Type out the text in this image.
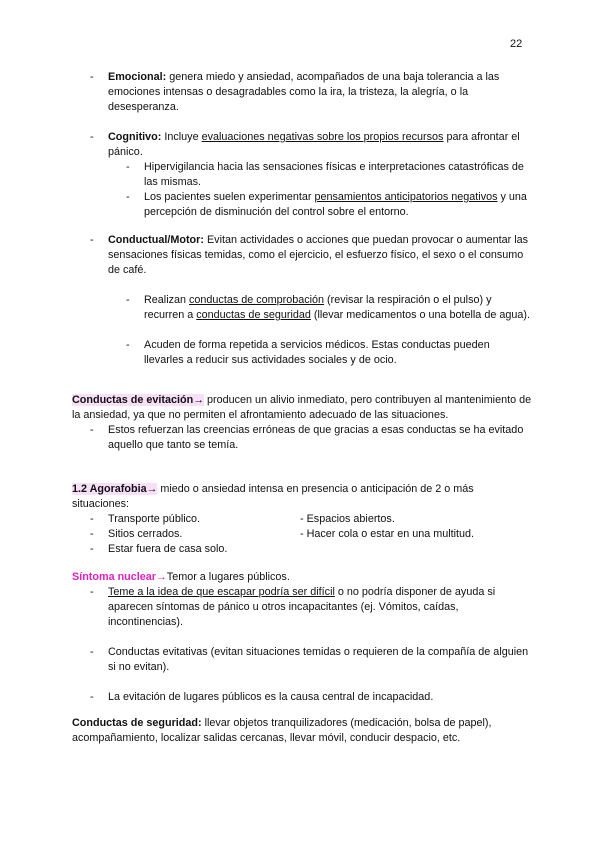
22
- Emocional: genera miedo y ansiedad, acompañados de una baja tolerancia a las emociones intensas o desagradables como la ira, la tristeza, la alegría, o la desesperanza.
- Cognitivo: Incluye evaluaciones negativas sobre los propios recursos para afrontar el pánico.
- Hipervigilancia hacia las sensaciones físicas e interpretaciones catastróficas de las mismas.
- Los pacientes suelen experimentar pensamientos anticipatorios negativos y una percepción de disminución del control sobre el entorno.
- Conductual/Motor: Evitan actividades o acciones que puedan provocar o aumentar las sensaciones físicas temidas, como el ejercicio, el esfuerzo físico, el sexo o el consumo de café.
- Realizan conductas de comprobación (revisar la respiración o el pulso) y recurren a conductas de seguridad (llevar medicamentos o una botella de agua).
- Acuden de forma repetida a servicios médicos. Estas conductas pueden llevarles a reducir sus actividades sociales y de ocio.
Conductas de evitación→ producen un alivio inmediato, pero contribuyen al mantenimiento de la ansiedad, ya que no permiten el afrontamiento adecuado de las situaciones.
- Estos refuerzan las creencias erróneas de que gracias a esas conductas se ha evitado aquello que tanto se temía.
1.2 Agorafobia→ miedo o ansiedad intensa en presencia o anticipación de 2 o más situaciones:
- Transporte público.	- Espacios abiertos.
- Sitios cerrados.	- Hacer cola o estar en una multitud.
- Estar fuera de casa solo.
Síntoma nuclear→Temor a lugares públicos.
- Teme a la idea de que escapar podría ser difícil o no podría disponer de ayuda si aparecen síntomas de pánico u otros incapacitantes (ej. Vómitos, caídas, incontinencias).
- Conductas evitativas (evitan situaciones temidas o requieren de la compañía de alguien si no evitan).
- La evitación de lugares públicos es la causa central de incapacidad.
Conductas de seguridad: llevar objetos tranquilizadores (medicación, bolsa de papel), acompañamiento, localizar salidas cercanas, llevar móvil, conducir despacio, etc.
